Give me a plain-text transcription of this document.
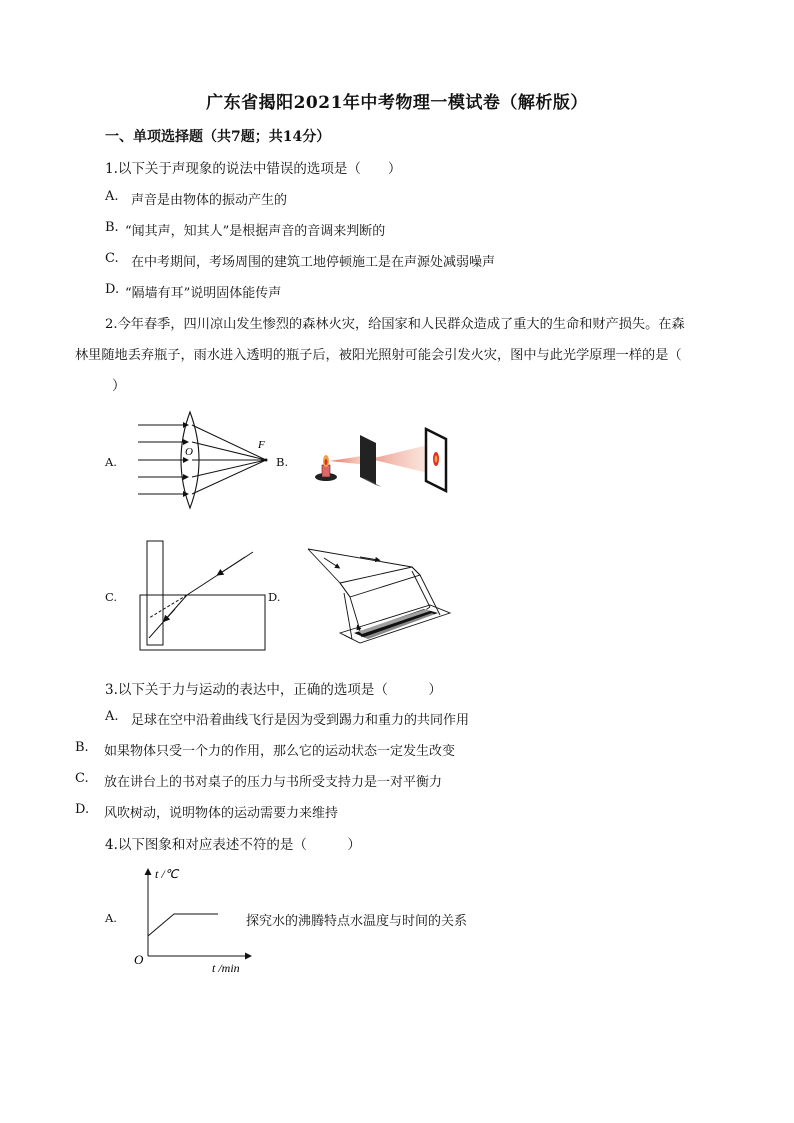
广东省揭阳2021年中考物理一模试卷（解析版）
一、单项选择题（共7题；共14分）
1.以下关于声现象的说法中错误的选项是（　　）
A. 声音是由物体的振动产生的
B. “闻其声，知其人”是根据声音的音调来判断的
C. 在中考期间，考场周围的建筑工地停顿施工是在声源处减弱噪声
D. “隔墙有耳”说明固体能传声
2.今年春季，四川凉山发生惨烈的森林火灾，给国家和人民群众造成了重大的生命和财产损失。在森
林里随地丢弃瓶子，雨水进入透明的瓶子后，被阳光照射可能会引发火灾，图中与此光学原理一样的是（
）
A.	B.
C.	D.
O
F
3.以下关于力与运动的表达中，正确的选项是（　　　）
A. 足球在空中沿着曲线飞行是因为受到踢力和重力的共同作用
B. 如果物体只受一个力的作用，那么它的运动状态一定发生改变
C. 放在讲台上的书对桌子的压力与书所受支持力是一对平衡力
D. 风吹树动，说明物体的运动需要力来维持
4.以下图象和对应表述不符的是（　　　）
A.	探究水的沸腾特点水温度与时间的关系
t /℃
t /min
O
